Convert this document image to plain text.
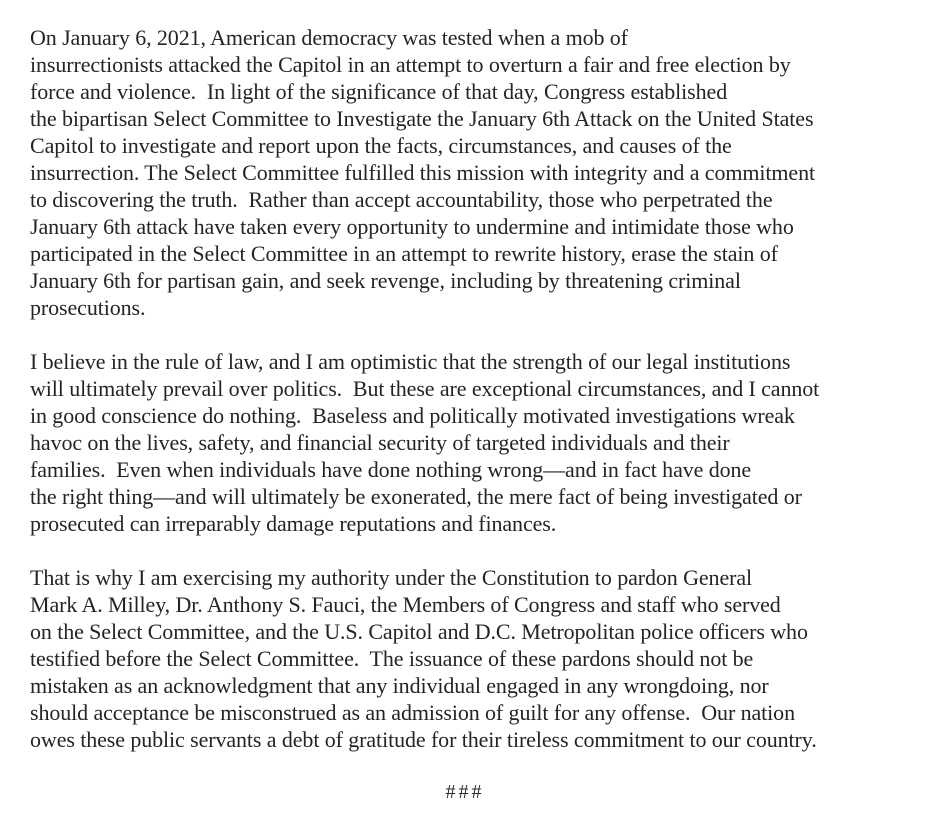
On January 6, 2021, American democracy was tested when a mob of
insurrectionists attacked the Capitol in an attempt to overturn a fair and free election by
force and violence.  In light of the significance of that day, Congress established
the bipartisan Select Committee to Investigate the January 6th Attack on the United States
Capitol to investigate and report upon the facts, circumstances, and causes of the
insurrection. The Select Committee fulfilled this mission with integrity and a commitment
to discovering the truth.  Rather than accept accountability, those who perpetrated the
January 6th attack have taken every opportunity to undermine and intimidate those who
participated in the Select Committee in an attempt to rewrite history, erase the stain of
January 6th for partisan gain, and seek revenge, including by threatening criminal
prosecutions.

I believe in the rule of law, and I am optimistic that the strength of our legal institutions
will ultimately prevail over politics.  But these are exceptional circumstances, and I cannot
in good conscience do nothing.  Baseless and politically motivated investigations wreak
havoc on the lives, safety, and financial security of targeted individuals and their
families.  Even when individuals have done nothing wrong—and in fact have done
the right thing—and will ultimately be exonerated, the mere fact of being investigated or
prosecuted can irreparably damage reputations and finances.

That is why I am exercising my authority under the Constitution to pardon General
Mark A. Milley, Dr. Anthony S. Fauci, the Members of Congress and staff who served
on the Select Committee, and the U.S. Capitol and D.C. Metropolitan police officers who
testified before the Select Committee.  The issuance of these pardons should not be
mistaken as an acknowledgment that any individual engaged in any wrongdoing, nor
should acceptance be misconstrued as an admission of guilt for any offense.  Our nation
owes these public servants a debt of gratitude for their tireless commitment to our country.

###
